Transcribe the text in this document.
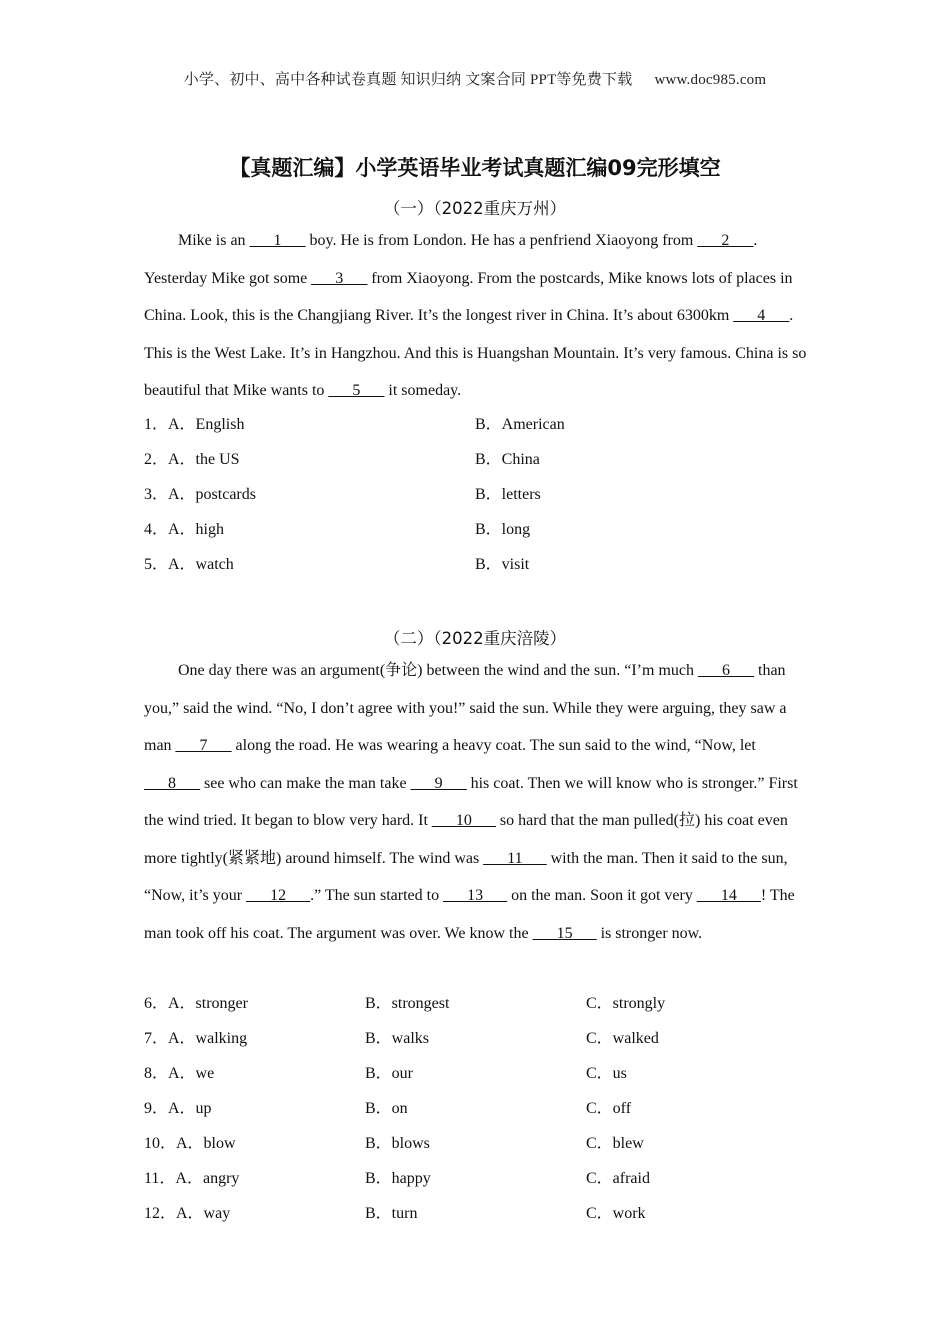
小学、初中、高中各种试卷真题 知识归纳 文案合同 PPT等免费下载 www.doc985.com
【真题汇编】小学英语毕业考试真题汇编09完形填空
（一）（2022重庆万州）
Mike is an ___1___ boy. He is from London. He has a penfriend Xiaoyong from ___2___. Yesterday Mike got some ___3___ from Xiaoyong. From the postcards, Mike knows lots of places in China. Look, this is the Changjiang River. It’s the longest river in China. It’s about 6300km ___4___. This is the West Lake. It’s in Hangzhou. And this is Huangshan Mountain. It’s very famous. China is so beautiful that Mike wants to ___5___ it someday.
1．A．English	B．American
2．A．the US	B．China
3．A．postcards	B．letters
4．A．high	B．long
5．A．watch	B．visit
（二）（2022重庆涪陵）
One day there was an argument(争论) between the wind and the sun. “I’m much ___6___ than you,” said the wind. “No, I don’t agree with you!” said the sun. While they were arguing, they saw a man ___7___ along the road. He was wearing a heavy coat. The sun said to the wind, “Now, let ___8___ see who can make the man take ___9___ his coat. Then we will know who is stronger.” First the wind tried. It began to blow very hard. It ___10___ so hard that the man pulled(拉) his coat even more tightly(紧紧地) around himself. The wind was ___11___ with the man. Then it said to the sun, “Now, it’s your ___12___.” The sun started to ___13___ on the man. Soon it got very ___14___! The man took off his coat. The argument was over. We know the ___15___ is stronger now.
6．A．stronger	B．strongest	C．strongly
7．A．walking	B．walks	C．walked
8．A．we	B．our	C．us
9．A．up	B．on	C．off
10．A．blow	B．blows	C．blew
11．A．angry	B．happy	C．afraid
12．A．way	B．turn	C．work
